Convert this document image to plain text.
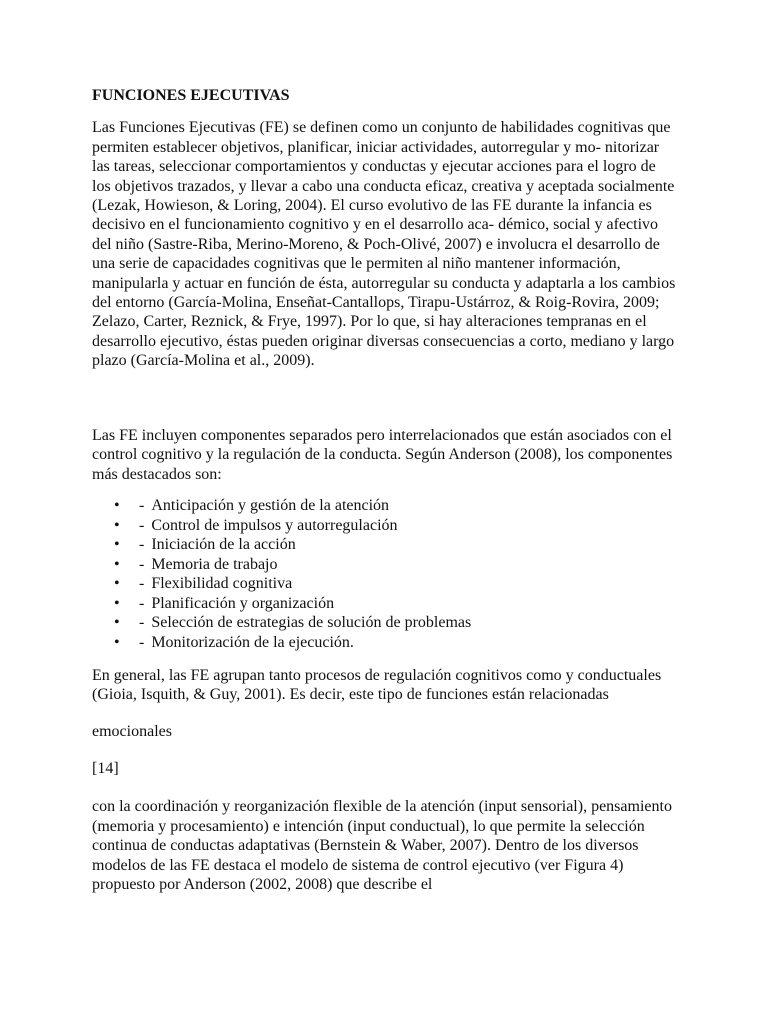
FUNCIONES EJECUTIVAS

Las Funciones Ejecutivas (FE) se definen como un conjunto de habilidades cognitivas que permiten establecer objetivos, planificar, iniciar actividades, autorregular y mo- nitorizar las tareas, seleccionar comportamientos y conductas y ejecutar acciones para el logro de los objetivos trazados, y llevar a cabo una conducta eficaz, creativa y aceptada socialmente (Lezak, Howieson, & Loring, 2004). El curso evolutivo de las FE durante la infancia es decisivo en el funcionamiento cognitivo y en el desarrollo aca- démico, social y afectivo del niño (Sastre-Riba, Merino-Moreno, & Poch-Olivé, 2007) e involucra el desarrollo de una serie de capacidades cognitivas que le permiten al niño mantener información, manipularla y actuar en función de ésta, autorregular su conducta y adaptarla a los cambios del entorno (García-Molina, Enseñat-Cantallops, Tirapu-Ustárroz, & Roig-Rovira, 2009; Zelazo, Carter, Reznick, & Frye, 1997). Por lo que, si hay alteraciones tempranas en el desarrollo ejecutivo, éstas pueden originar diversas consecuencias a corto, mediano y largo plazo (García-Molina et al., 2009).

Las FE incluyen componentes separados pero interrelacionados que están asociados con el control cognitivo y la regulación de la conducta. Según Anderson (2008), los componentes más destacados son:

• - Anticipación y gestión de la atención
• - Control de impulsos y autorregulación
• - Iniciación de la acción
• - Memoria de trabajo
• - Flexibilidad cognitiva
• - Planificación y organización
• - Selección de estrategias de solución de problemas
• - Monitorización de la ejecución.

En general, las FE agrupan tanto procesos de regulación cognitivos como y conductuales (Gioia, Isquith, & Guy, 2001). Es decir, este tipo de funciones están relacionadas

emocionales

[14]

con la coordinación y reorganización flexible de la atención (input sensorial), pensamiento (memoria y procesamiento) e intención (input conductual), lo que permite la selección continua de conductas adaptativas (Bernstein & Waber, 2007). Dentro de los diversos modelos de las FE destaca el modelo de sistema de control ejecutivo (ver Figura 4) propuesto por Anderson (2002, 2008) que describe el
